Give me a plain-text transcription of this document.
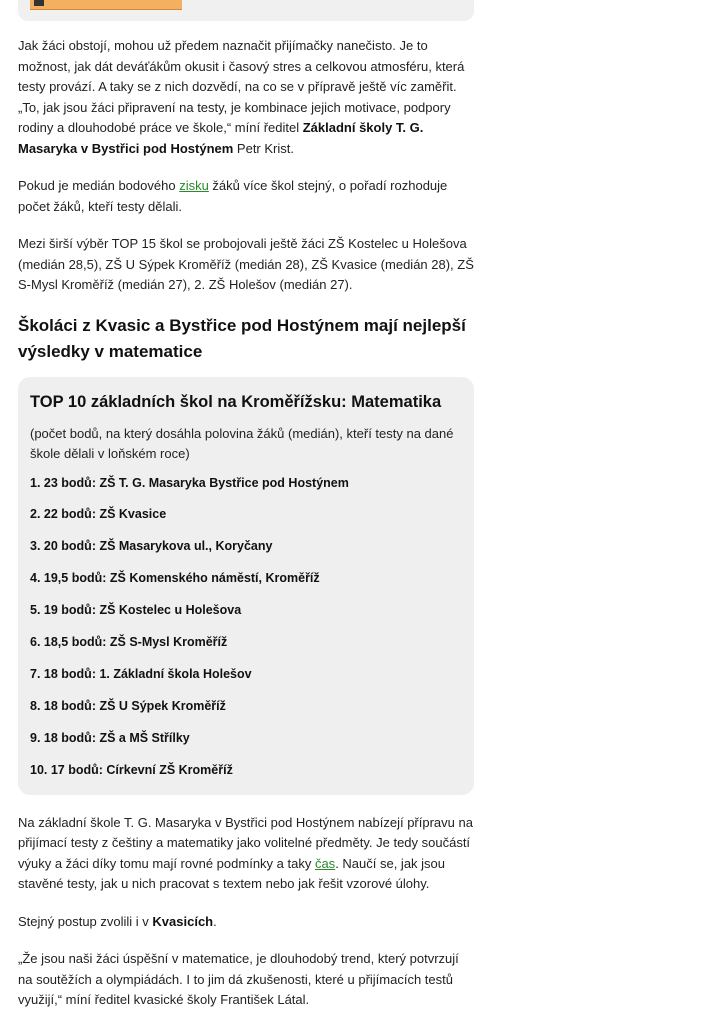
Jak žáci obstojí, mohou už předem naznačit přijímačky nanečisto. Je to možnost, jak dát deváťákům okusit i časový stres a celkovou atmosféru, která testy provází. A taky se z nich dozvědí, na co se v přípravě ještě víc zaměřit. „To, jak jsou žáci připravení na testy, je kombinace jejich motivace, podpory rodiny a dlouhodobé práce ve škole,“ míní ředitel Základní školy T. G. Masaryka v Bystřici pod Hostýnem Petr Krist.

Pokud je medián bodového zisku žáků více škol stejný, o pořadí rozhoduje počet žáků, kteří testy dělali.

Mezi širší výběr TOP 15 škol se probojovali ještě žáci ZŠ Kostelec u Holešova (medián 28,5), ZŠ U Sýpek Kroměříž (medián 28), ZŠ Kvasice (medián 28), ZŠ S-Mysl Kroměříž (medián 27), 2. ZŠ Holešov (medián 27).

Školáci z Kvasic a Bystřice pod Hostýnem mají nejlepší výsledky v matematice
TOP 10 základních škol na Kroměřížsku: Matematika
(počet bodů, na který dosáhla polovina žáků (medián), kteří testy na dané škole dělali v loňském roce)
1. 23 bodů: ZŠ T. G. Masaryka Bystřice pod Hostýnem
2. 22 bodů: ZŠ Kvasice
3. 20 bodů: ZŠ Masarykova ul., Koryčany
4. 19,5 bodů: ZŠ Komenského náměstí, Kroměříž
5. 19 bodů: ZŠ Kostelec u Holešova
6. 18,5 bodů: ZŠ S-Mysl Kroměříž
7. 18 bodů: 1. Základní škola Holešov
8. 18 bodů: ZŠ U Sýpek Kroměříž
9. 18 bodů: ZŠ a MŠ Střílky
10. 17 bodů: Církevní ZŠ Kroměříž

Na základní škole T. G. Masaryka v Bystřici pod Hostýnem nabízejí přípravu na přijímací testy z češtiny a matematiky jako volitelné předměty. Je tedy součástí výuky a žáci díky tomu mají rovné podmínky a taky čas. Naučí se, jak jsou stavěné testy, jak u nich pracovat s textem nebo jak řešit vzorové úlohy.

Stejný postup zvolili i v Kvasicích.

„Že jsou naši žáci úspěšní v matematice, je dlouhodobý trend, který potvrzují na soutěžích a olympiádách. I to jim dá zkušenosti, které u přijímacích testů využijí,“ míní ředitel kvasické školy František Látal.
